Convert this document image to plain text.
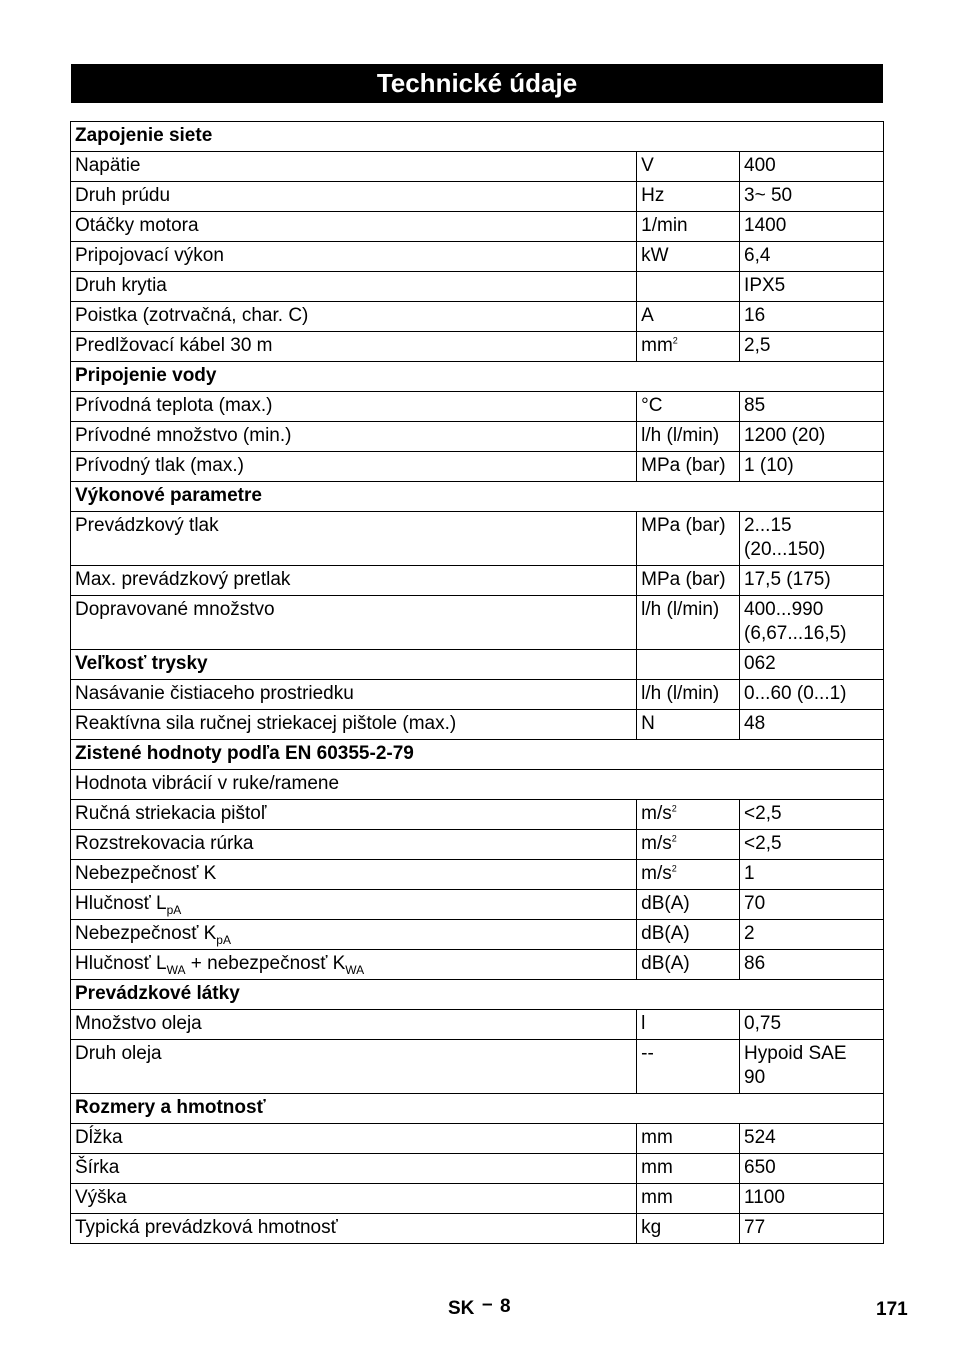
Technické údaje
Zapojenie siete		
Napätie	V	400
Druh prúdu	Hz	3~ 50
Otáčky motora	1/min	1400
Pripojovací výkon	kW	6,4
Druh krytia		IPX5
Poistka (zotrvačná, char. C)	A	16
Predlžovací kábel 30 m	$mm^2$	2,5
Pripojenie vody		
Prívodná teplota (max.)	°C	85
Prívodné množstvo (min.)	l/h (l/min)	1200 (20)
Prívodný tlak (max.)	MPa (bar)	1 (10)
Výkonové parametre		
Prevádzkový tlak	MPa (bar)	2...15
(20...150)

Max. prevádzkový pretlak	MPa (bar)	17,5 (175)
Dopravované množstvo	l/h (l/min)	400...990
(6,67...16,5)

Veľkosť trysky		062
Nasávanie čistiaceho prostriedku	l/h (l/min)	0...60 (0...1)
Reaktívna sila ručnej striekacej pištole (max.)	N	48
Zistené hodnoty podľa EN 60355-2-79		
Hodnota vibrácií v ruke/ramene		
Ručná striekacia pištoľ	$m/s^2$	<2,5
Rozstrekovacia rúrka	$m/s^2$	<2,5
Nebezpečnosť K	$m/s^2$	1
Hlučnosť $L_{pA}$	dB(A)	70
Nebezpečnosť $K_{pA}$	dB(A)	2
Hlučnosť $L_{WA}$ + nebezpečnosť $K_{WA}$	dB(A)	86
Prevádzkové látky		
Množstvo oleja	l	0,75
Druh oleja	--	Hypoid SAE
90

Rozmery a hmotnosť		
Dĺžka	mm	524
Šírka	mm	650
Výška	mm	1100
Typická prevádzková hmotnosť	kg	77
SK – 8	171
